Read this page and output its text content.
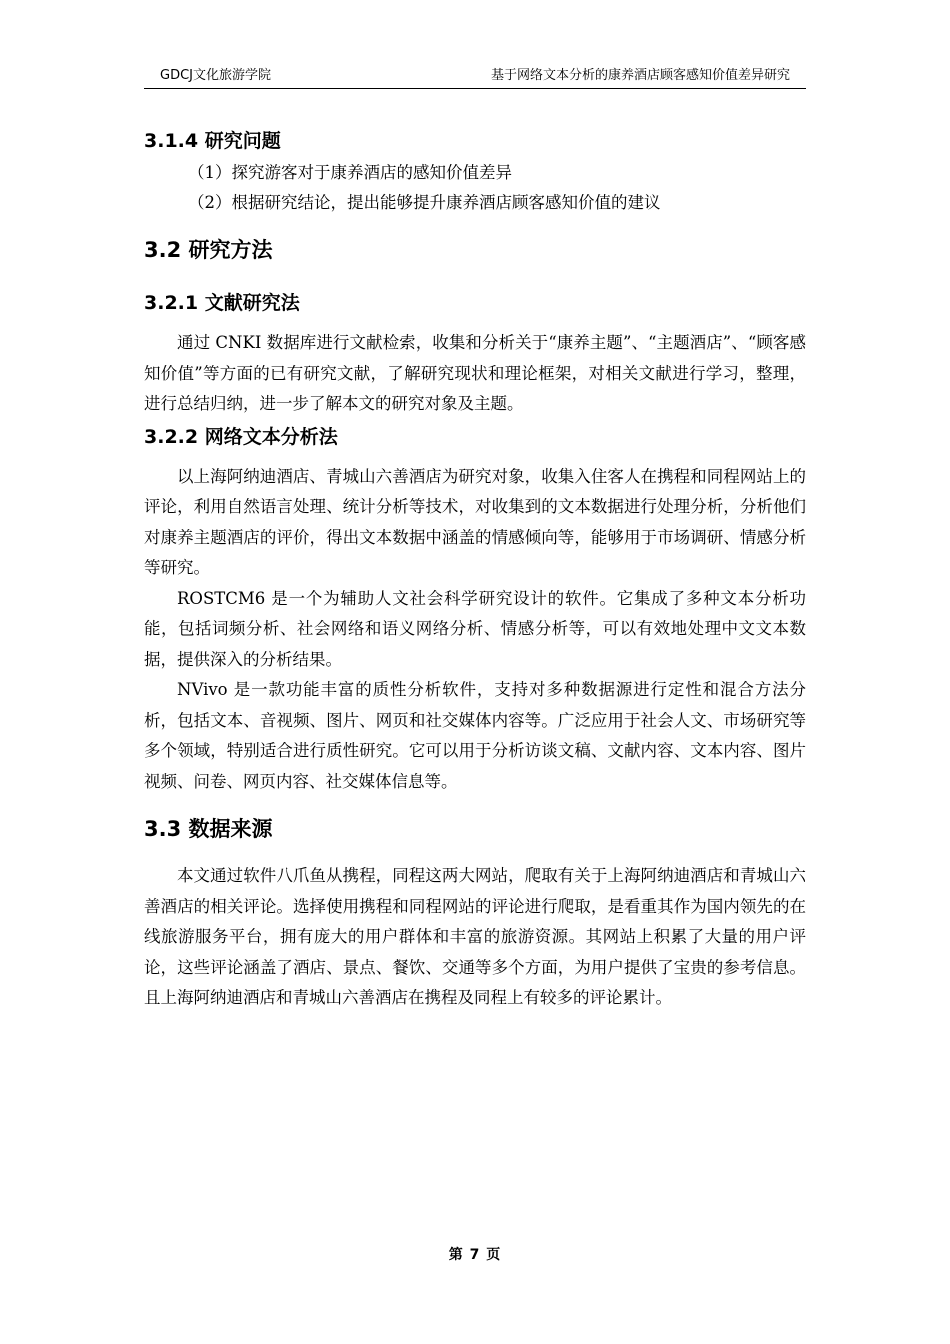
GDCJ文化旅游学院	基于网络文本分析的康养酒店顾客感知价值差异研究
3.1.4 研究问题

（1）探究游客对于康养酒店的感知价值差异

（2）根据研究结论，提出能够提升康养酒店顾客感知价值的建议

3.2 研究方法
3.2.1 文献研究法

通过 CNKI 数据库进行文献检索，收集和分析关于“康养主题”、“主题酒店”、“顾客感知价值”等方面的已有研究文献，了解研究现状和理论框架，对相关文献进行学习，整理，进行总结归纳，进一步了解本文的研究对象及主题。

3.2.2 网络文本分析法

以上海阿纳迪酒店、青城山六善酒店为研究对象，收集入住客人在携程和同程网站上的评论，利用自然语言处理、统计分析等技术，对收集到的文本数据进行处理分析，分析他们对康养主题酒店的评价，得出文本数据中涵盖的情感倾向等，能够用于市场调研、情感分析等研究。

ROSTCM6 是一个为辅助人文社会科学研究设计的软件。它集成了多种文本分析功能，包括词频分析、社会网络和语义网络分析、情感分析等，可以有效地处理中文文本数据，提供深入的分析结果。

NVivo 是一款功能丰富的质性分析软件，支持对多种数据源进行定性和混合方法分析，包括文本、音视频、图片、网页和社交媒体内容等。广泛应用于社会人文、市场研究等多个领域，特别适合进行质性研究。它可以用于分析访谈文稿、文献内容、文本内容、图片视频、问卷、网页内容、社交媒体信息等。

3.3 数据来源

本文通过软件八爪鱼从携程，同程这两大网站，爬取有关于上海阿纳迪酒店和青城山六善酒店的相关评论。选择使用携程和同程网站的评论进行爬取，是看重其作为国内领先的在线旅游服务平台，拥有庞大的用户群体和丰富的旅游资源。其网站上积累了大量的用户评论，这些评论涵盖了酒店、景点、餐饮、交通等多个方面，为用户提供了宝贵的参考信息。且上海阿纳迪酒店和青城山六善酒店在携程及同程上有较多的评论累计。

第 7 页
